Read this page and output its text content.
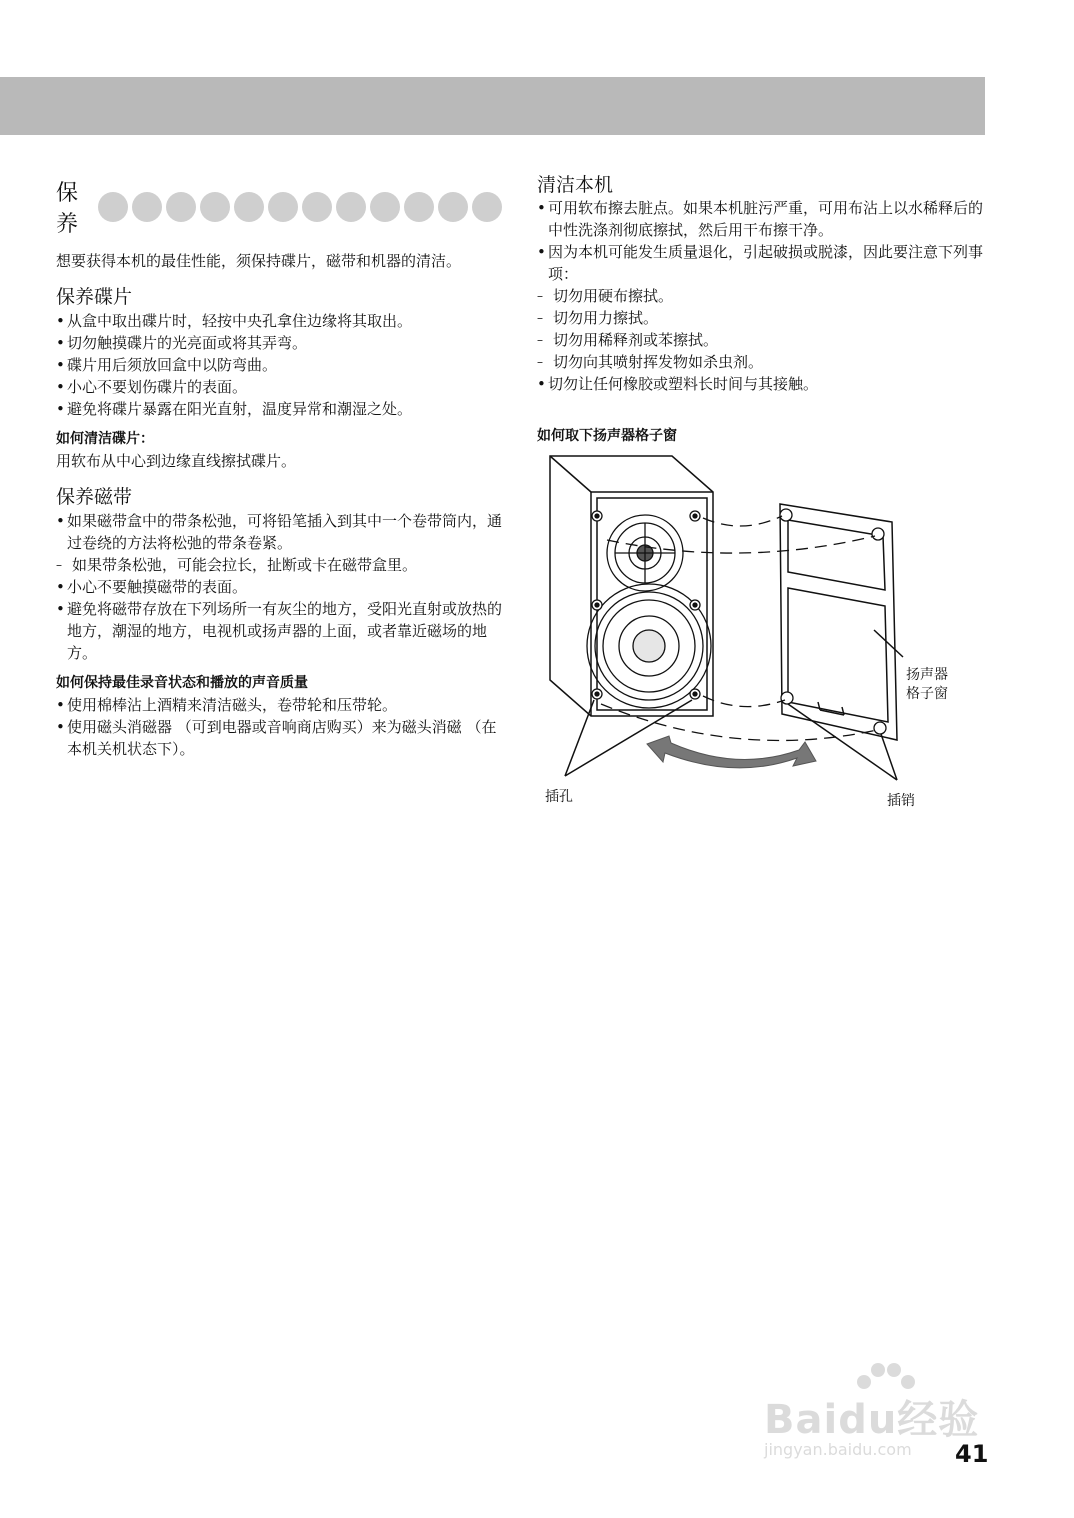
保养

想要获得本机的最佳性能，须保持碟片，磁带和机器的清洁。

保养碟片
• 从盒中取出碟片时，轻按中央孔拿住边缘将其取出。
• 切勿触摸碟片的光亮面或将其弄弯。
• 碟片用后须放回盒中以防弯曲。
• 小心不要划伤碟片的表面。
• 避免将碟片暴露在阳光直射，温度异常和潮湿之处。
如何清洁碟片：

用软布从中心到边缘直线擦拭碟片。

保养磁带
• 如果磁带盒中的带条松弛，可将铅笔插入到其中一个卷带筒内，通过卷绕的方法将松弛的带条卷紧。
– 如果带条松弛，可能会拉长，扯断或卡在磁带盒里。
• 小心不要触摸磁带的表面。
• 避免将磁带存放在下列场所一有灰尘的地方，受阳光直射或放热的地方，潮湿的地方，电视机或扬声器的上面，或者靠近磁场的地方。
如何保持最佳录音状态和播放的声音质量
• 使用棉棒沾上酒精来清洁磁头，卷带轮和压带轮。
• 使用磁头消磁器 （可到电器或音响商店购买）来为磁头消磁 （在本机关机状态下）。
清洁本机
• 可用软布擦去脏点。如果本机脏污严重，可用布沾上以水稀释后的中性洗涤剂彻底擦拭，然后用干布擦干净。
• 因为本机可能发生质量退化，引起破损或脱漆，因此要注意下列事项：
– 切勿用硬布擦拭。
– 切勿用力擦拭。
– 切勿用稀释剂或苯擦拭。
– 切勿向其喷射挥发物如杀虫剂。
• 切勿让任何橡胶或塑料长时间与其接触。
如何取下扬声器格子窗
扬声器
格子窗
插孔	插销
Baidu经验
jingyan.baidu.com 41
